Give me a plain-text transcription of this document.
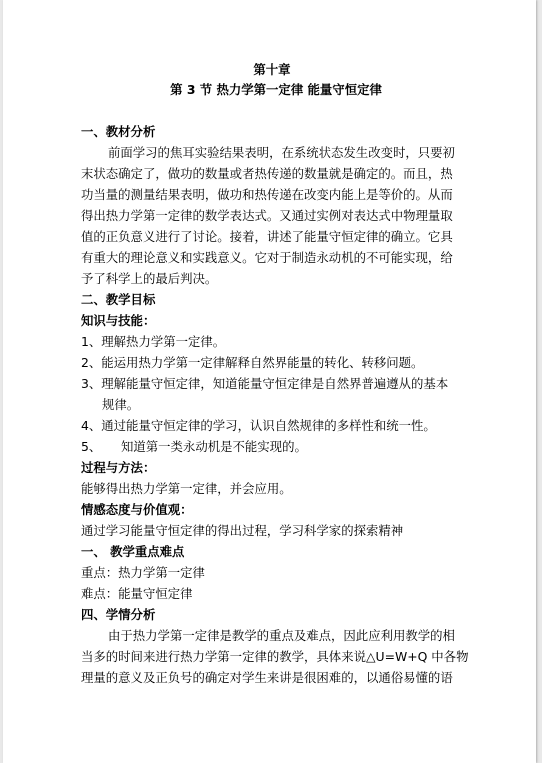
第十章
第 3 节 热力学第一定律 能量守恒定律
一、教材分析
前面学习的焦耳实验结果表明，在系统状态发生改变时，只要初
末状态确定了，做功的数量或者热传递的数量就是确定的。而且，热
功当量的测量结果表明，做功和热传递在改变内能上是等价的。从而
得出热力学第一定律的数学表达式。又通过实例对表达式中物理量取
值的正负意义进行了讨论。接着，讲述了能量守恒定律的确立。它具
有重大的理论意义和实践意义。它对于制造永动机的不可能实现，给
予了科学上的最后判决。
二、教学目标
知识与技能：
1、理解热力学第一定律。
2、能运用热力学第一定律解释自然界能量的转化、转移问题。
3、理解能量守恒定律，知道能量守恒定律是自然界普遍遵从的基本
规律。
4、通过能量守恒定律的学习，认识自然规律的多样性和统一性。
5、 知道第一类永动机是不能实现的。
过程与方法：
能够得出热力学第一定律，并会应用。
情感态度与价值观：
通过学习能量守恒定律的得出过程，学习科学家的探索精神
一、 教学重点难点
重点：热力学第一定律
难点：能量守恒定律
四、学情分析
由于热力学第一定律是教学的重点及难点，因此应利用教学的相
当多的时间来进行热力学第一定律的教学，具体来说△U=W+Q 中各物
理量的意义及正负号的确定对学生来讲是很困难的，以通俗易懂的语
